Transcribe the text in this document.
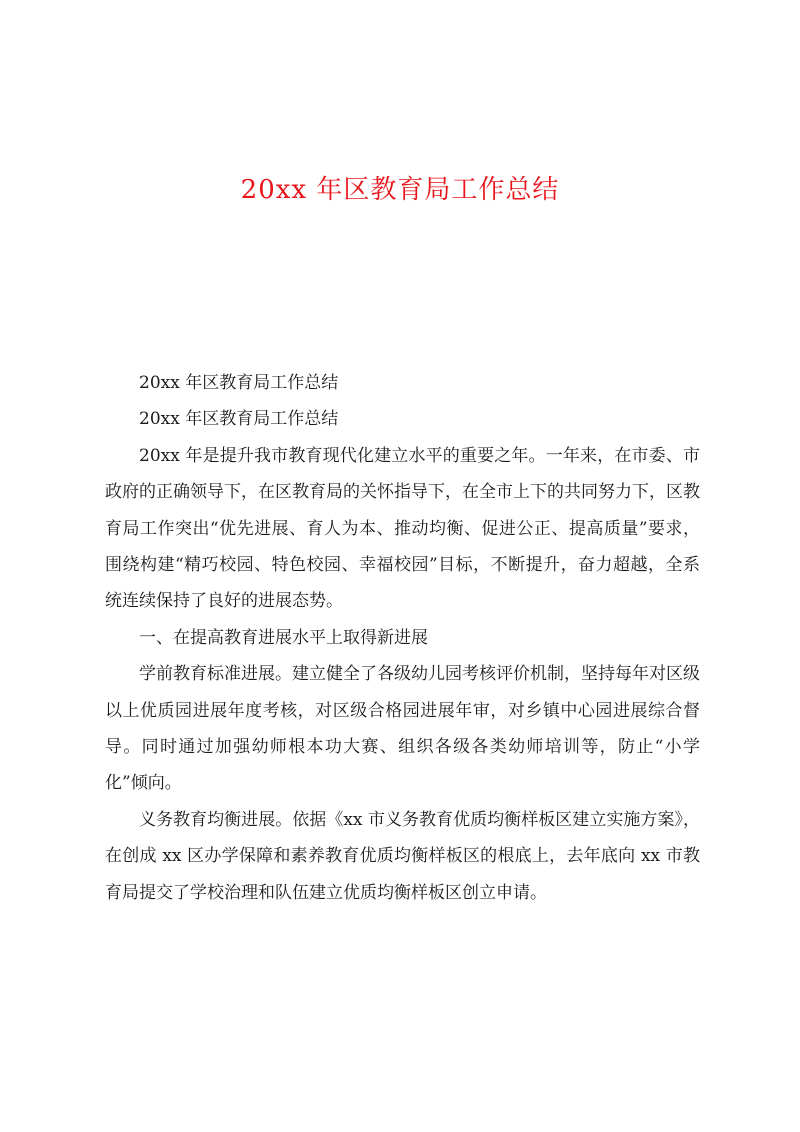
20xx 年区教育局工作总结

20xx 年区教育局工作总结

20xx 年区教育局工作总结

20xx 年是提升我市教育现代化建立水平的重要之年。一年来，在市委、市政府的正确领导下，在区教育局的关怀指导下，在全市上下的共同努力下，区教育局工作突出“优先进展、育人为本、推动均衡、促进公正、提高质量”要求，围绕构建“精巧校园、特色校园、幸福校园”目标，不断提升，奋力超越，全系统连续保持了良好的进展态势。

一、在提高教育进展水平上取得新进展

学前教育标准进展。建立健全了各级幼儿园考核评价机制，坚持每年对区级以上优质园进展年度考核，对区级合格园进展年审，对乡镇中心园进展综合督导。同时通过加强幼师根本功大赛、组织各级各类幼师培训等，防止“小学化”倾向。

义务教育均衡进展。依据《xx 市义务教育优质均衡样板区建立实施方案》，在创成 xx 区办学保障和素养教育优质均衡样板区的根底上，去年底向 xx 市教育局提交了学校治理和队伍建立优质均衡样板区创立申请。
